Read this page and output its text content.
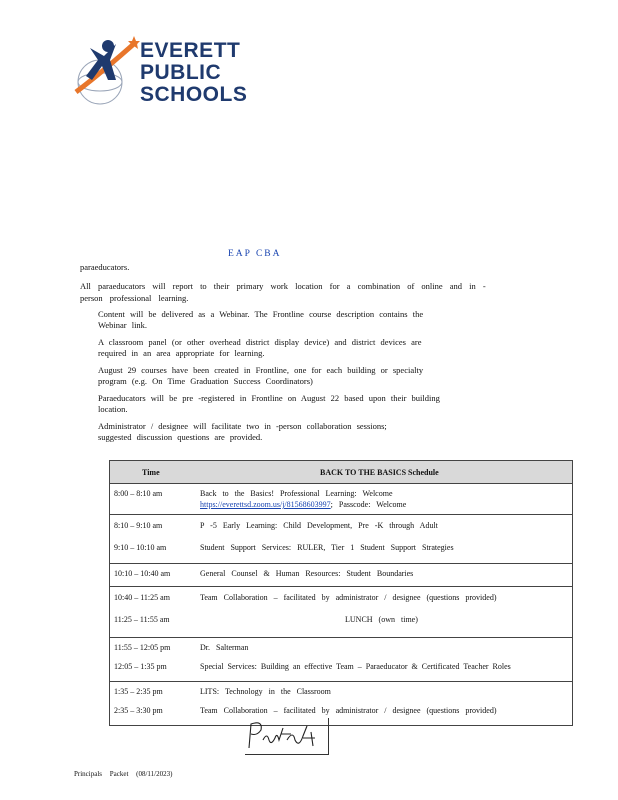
EVERETT
PUBLIC
SCHOOLS
EAP CBA
paraeducators.
All paraeducators will report to their primary work location for a combination of online and in -
person professional learning.
Content will be delivered as a Webinar. The Frontline course description contains the
Webinar link.
A classroom panel (or other overhead district display device) and district devices are
required in an area appropriate for learning.
August 29 courses have been created in Frontline, one for each building or specialty
program (e.g. On Time Graduation Success Coordinators)
Paraeducators will be pre -registered in Frontline on August 22 based upon their building
location.
Administrator / designee will facilitate two in -person collaboration sessions;
suggested discussion questions are provided.
Time	BACK TO THE BASICS Schedule
8:00 – 8:10 am	Back to the Basics! Professional Learning: Welcome
https://everettsd.zoom.us/j/81568603997; Passcode: Welcome
8:10 – 9:10 am	P -5 Early Learning: Child Development, Pre -K through Adult
9:10 – 10:10 am	Student Support Services: RULER, Tier 1 Student Support Strategies
10:10 – 10:40 am	General Counsel & Human Resources: Student Boundaries
10:40 – 11:25 am	Team Collaboration – facilitated by administrator / designee (questions provided)
11:25 – 11:55 am	LUNCH (own time)
11:55 – 12:05 pm	Dr. Salterman
12:05 – 1:35 pm	Special Services: Building an effective Team – Paraeducator & Certificated Teacher Roles
1:35 – 2:35 pm	LITS: Technology in the Classroom
2:35 – 3:30 pm	Team Collaboration – facilitated by administrator / designee (questions provided)
Principals Packet (08/11/2023)
